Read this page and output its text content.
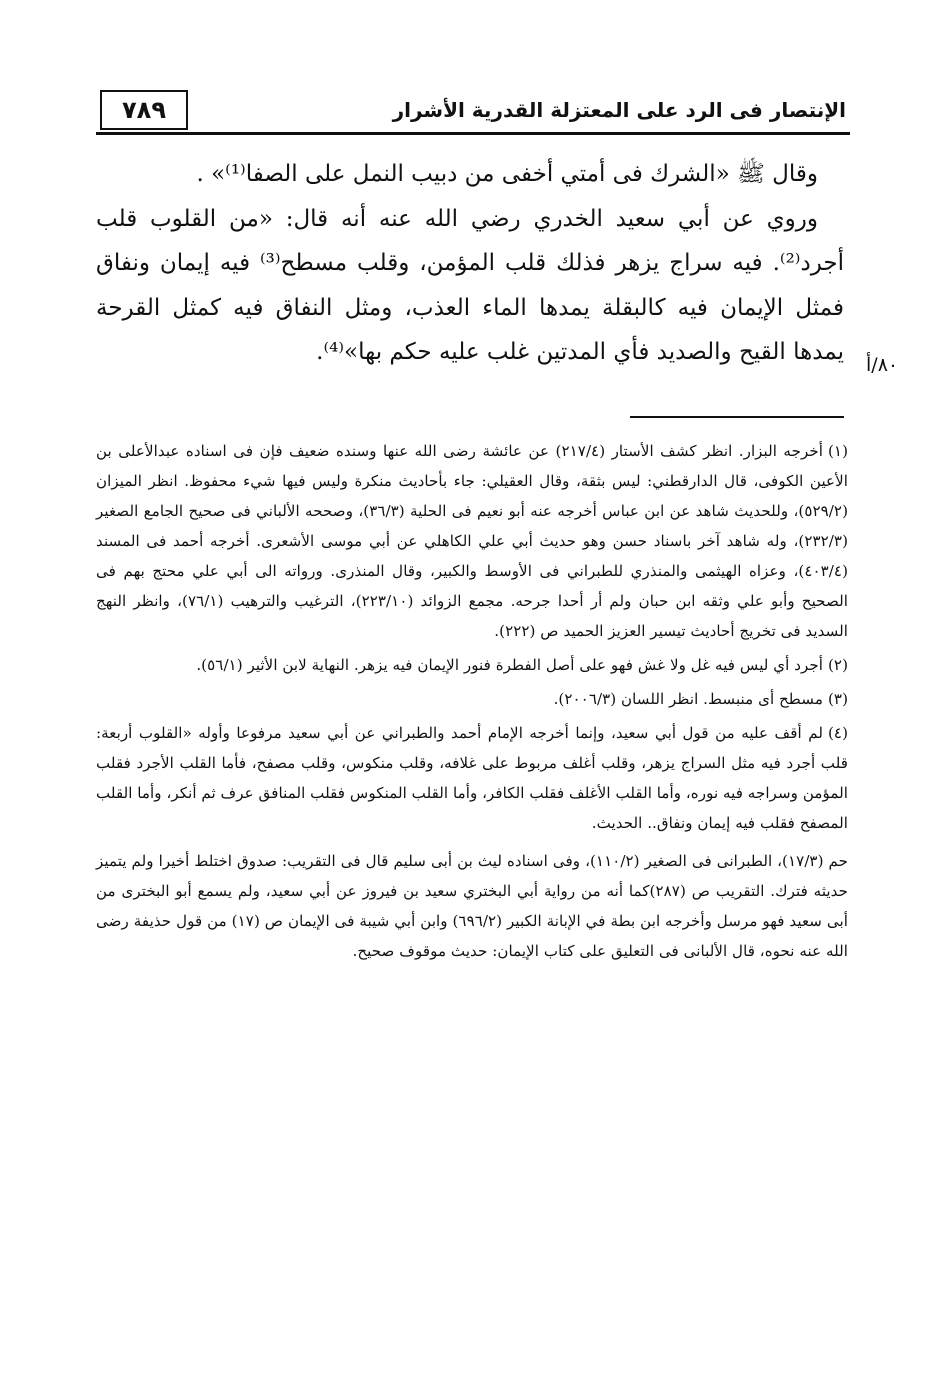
٧٨٩	الإنتصار فى الرد على المعتزلة القدرية الأشرار

وقال ﷺ «الشرك فى أمتي أخفى من دبيب النمل على الصفا⁽¹⁾» .

وروي عن أبي سعيد الخدري رضي الله عنه أنه قال: «من القلوب قلب أجرد⁽²⁾. فيه سراج يزهر فذلك قلب المؤمن، وقلب مسطح⁽³⁾ فيه إيمان ونفاق فمثل الإيمان فيه كالبقلة يمدها الماء العذب، ومثل النفاق فيه كمثل القرحة يمدها القيح والصديد فأي المدتين غلب عليه حكم بها»⁽⁴⁾. ٨٠/أ

(١)أخرجه البزار. انظر كشف الأستار (٢١٧/٤) عن عائشة رضى الله عنها وسنده ضعيف فإن فى اسناده عبدالأعلى بن الأعين الكوفى، قال الدارقطني: ليس بثقة، وقال العقيلي: جاء بأحاديث منكرة وليس فيها شيء محفوظ. انظر الميزان (٥٢٩/٢)، وللحديث شاهد عن ابن عباس أخرجه عنه أبو نعيم فى الحلية (٣٦/٣)، وصححه الألباني فى صحيح الجامع الصغير (٢٣٢/٣)، وله شاهد آخر باسناد حسن وهو حديث أبي علي الكاهلي عن أبي موسى الأشعرى. أخرجه أحمد فى المسند (٤٠٣/٤)، وعزاه الهيثمى والمنذري للطبراني فى الأوسط والكبير، وقال المنذرى. ورواته الى أبي علي محتج بهم فى الصحيح وأبو علي وثقه ابن حبان ولم أر أحدا جرحه. مجمع الزوائد (٢٢٣/١٠)، الترغيب والترهيب (٧٦/١)، وانظر النهج السديد فى تخريج أحاديث تيسير العزيز الحميد ص (٢٢٢).

(٢)أجرد أي ليس فيه غل ولا غش فهو على أصل الفطرة فنور الإيمان فيه يزهر. النهاية لابن الأثير (٥٦/١).

(٣)مسطح أى منبسط. انظر اللسان (٢٠٠٦/٣).

(٤)لم أقف عليه من قول أبي سعيد، وإنما أخرجه الإمام أحمد والطبراني عن أبي سعيد مرفوعا وأوله «القلوب أربعة: قلب أجرد فيه مثل السراج يزهر، وقلب أغلف مربوط على غلافه، وقلب منكوس، وقلب مصفح، فأما القلب الأجرد فقلب المؤمن وسراجه فيه نوره، وأما القلب الأغلف فقلب الكافر، وأما القلب المنكوس فقلب المنافق عرف ثم أنكر، وأما القلب المصفح فقلب فيه إيمان ونفاق.. الحديث.

حم (١٧/٣)، الطبرانى فى الصغير (١١٠/٢)، وفى اسناده ليث بن أبى سليم قال فى التقريب: صدوق اختلط أخيرا ولم يتميز حديثه فترك. التقريب ص (٢٨٧)كما أنه من رواية أبي البختري سعيد بن فيروز عن أبي سعيد، ولم يسمع أبو البخترى من أبى سعيد فهو مرسل وأخرجه ابن بطة في الإبانة الكبير (٦٩٦/٢) وابن أبي شيبة فى الإيمان ص (١٧) من قول حذيفة رضى الله عنه نحوه، قال الألبانى فى التعليق على كتاب الإيمان: حديث موقوف صحيح.
